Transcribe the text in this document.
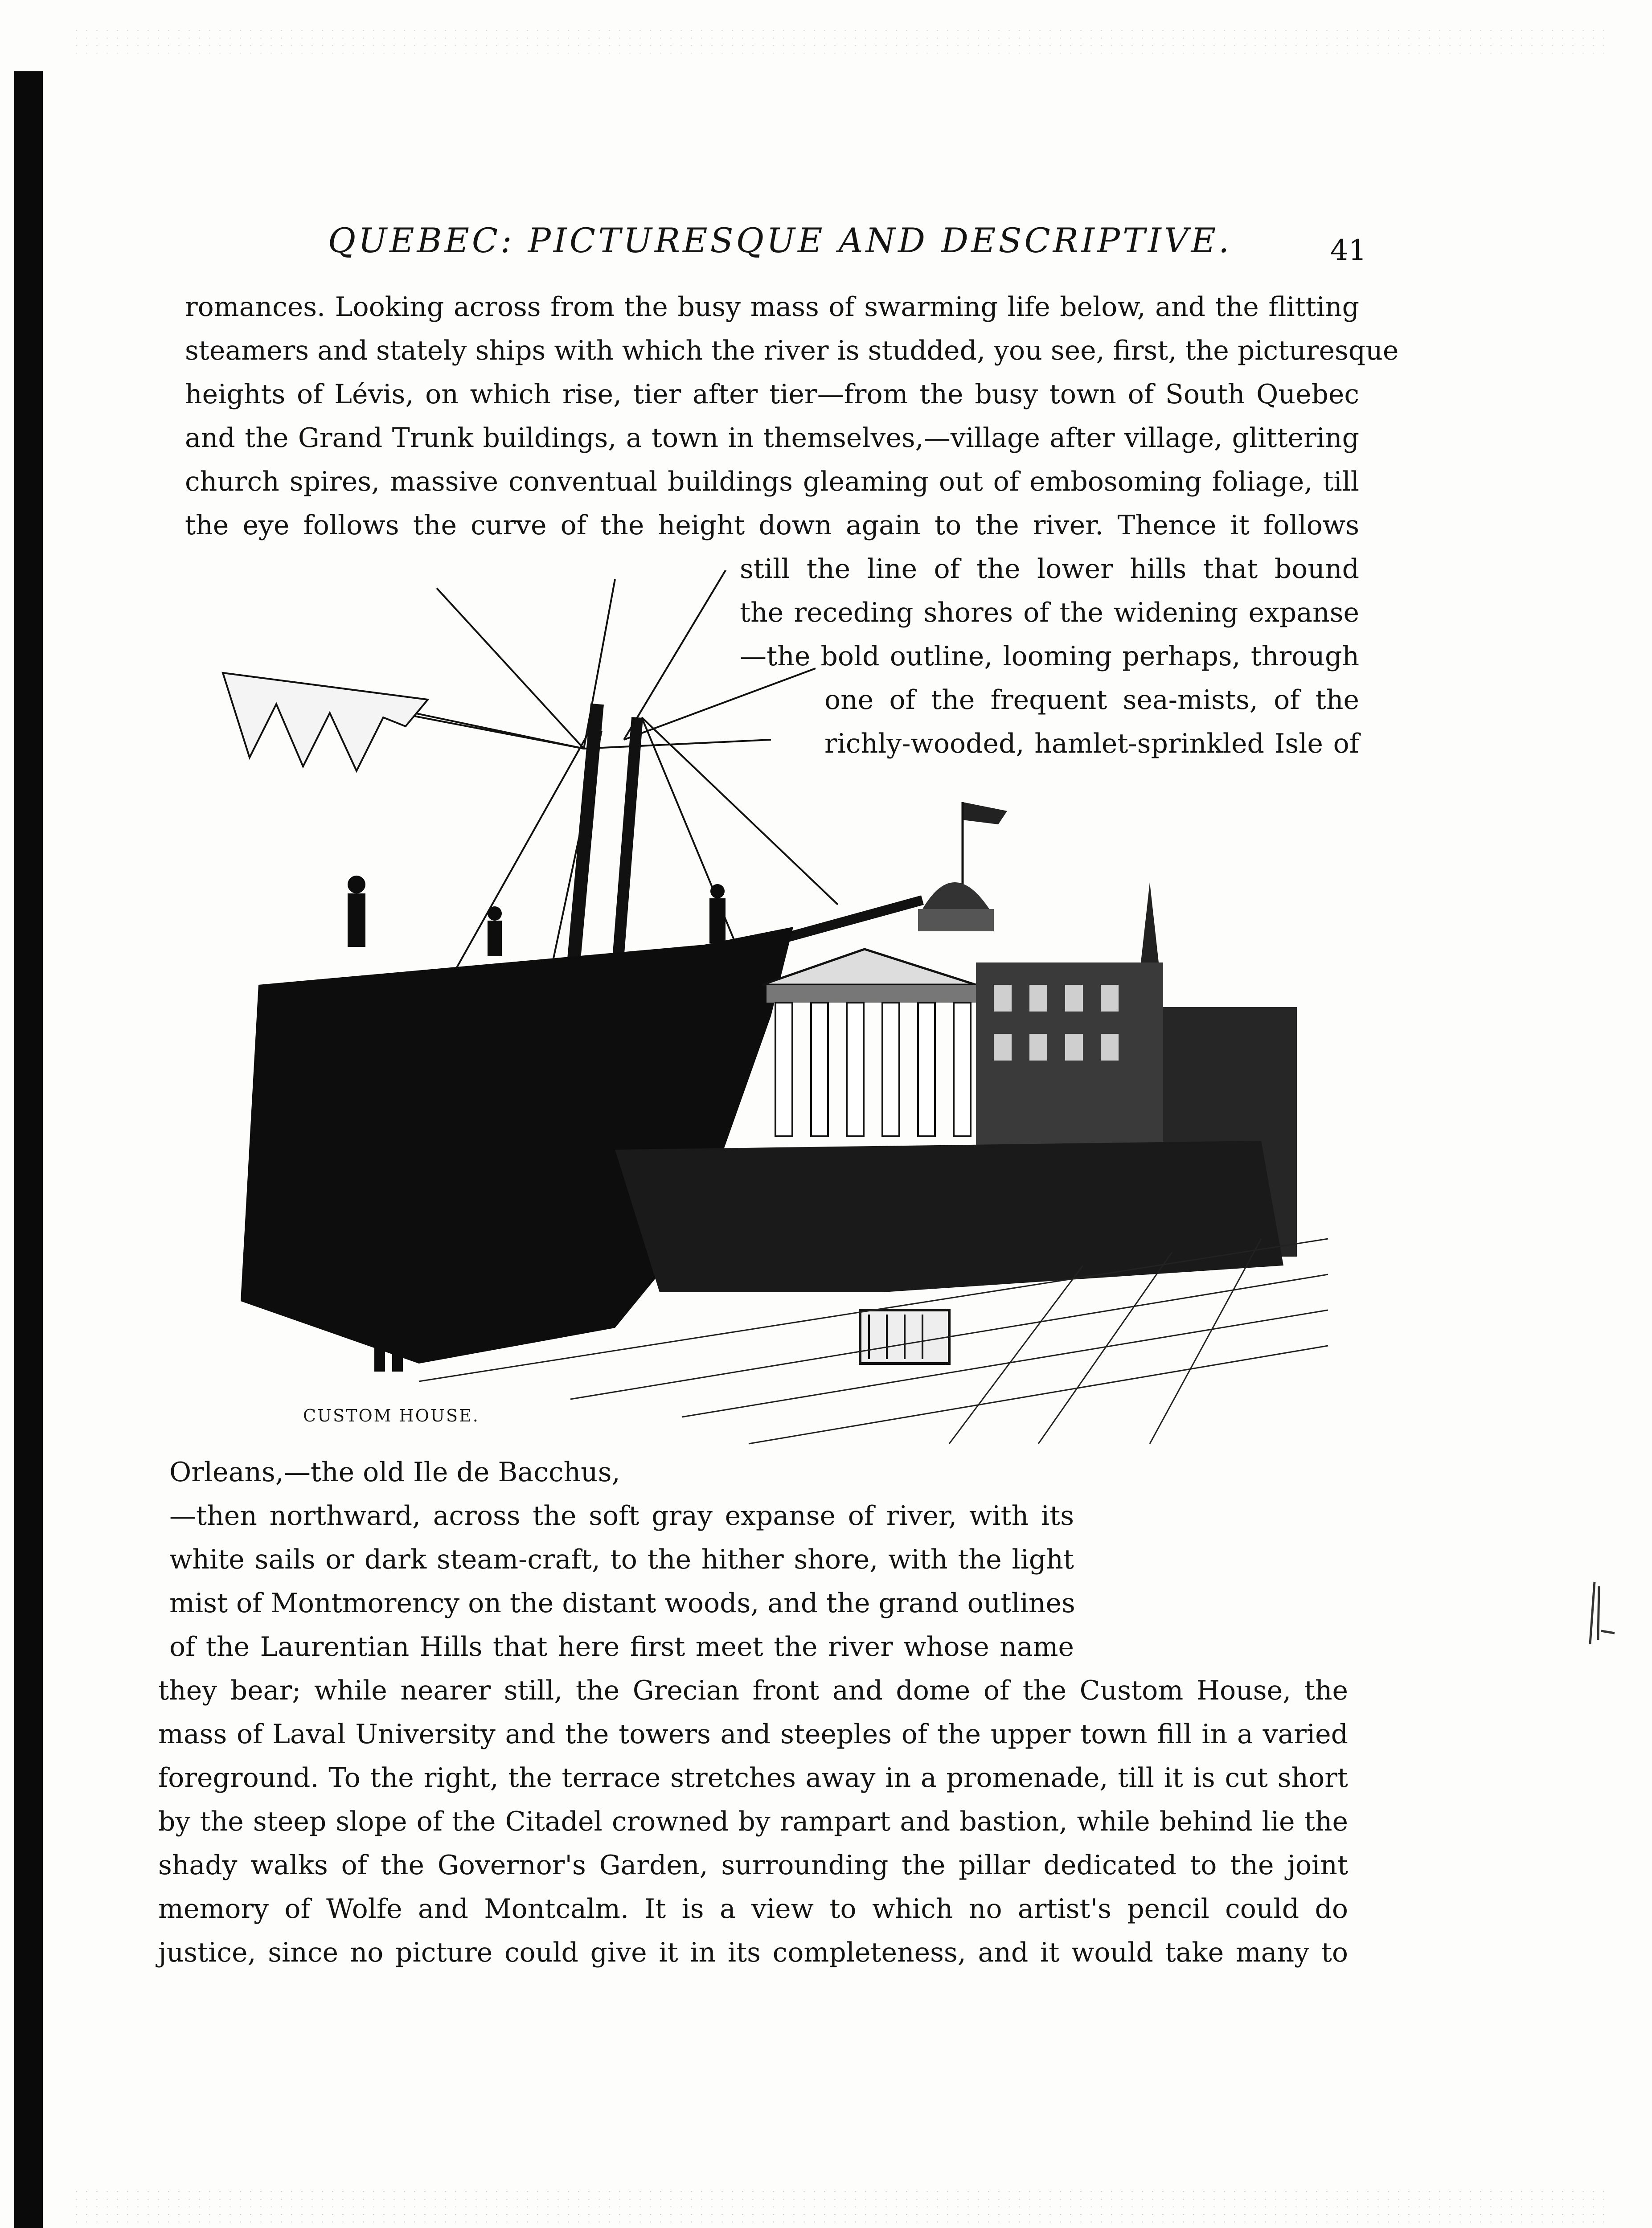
QUEBEC: PICTURESQUE AND DESCRIPTIVE.	41
romances. Looking across from the busy mass of swarming life below, and the flitting
steamers and stately ships with which the river is studded, you see, first, the picturesque
heights of Lévis, on which rise, tier after tier—from the busy town of South Quebec
and the Grand Trunk buildings, a town in themselves,—village after village, glittering
church spires, massive conventual buildings gleaming out of embosoming foliage, till
the eye follows the curve of the height down again to the river. Thence it follows
still the line of the lower hills that bound
the receding shores of the widening expanse
—the bold outline, looming perhaps, through
one of the frequent sea-mists, of the
richly-wooded, hamlet-sprinkled Isle of
CUSTOM HOUSE.
Orleans,—the old Ile de Bacchus,
—then northward, across the soft gray expanse of river, with its
white sails or dark steam-craft, to the hither shore, with the light
mist of Montmorency on the distant woods, and the grand outlines
of the Laurentian Hills that here first meet the river whose name
they bear; while nearer still, the Grecian front and dome of the Custom House, the
mass of Laval University and the towers and steeples of the upper town fill in a varied
foreground. To the right, the terrace stretches away in a promenade, till it is cut short
by the steep slope of the Citadel crowned by rampart and bastion, while behind lie the
shady walks of the Governor's Garden, surrounding the pillar dedicated to the joint
memory of Wolfe and Montcalm. It is a view to which no artist's pencil could do
justice, since no picture could give it in its completeness, and it would take many to
